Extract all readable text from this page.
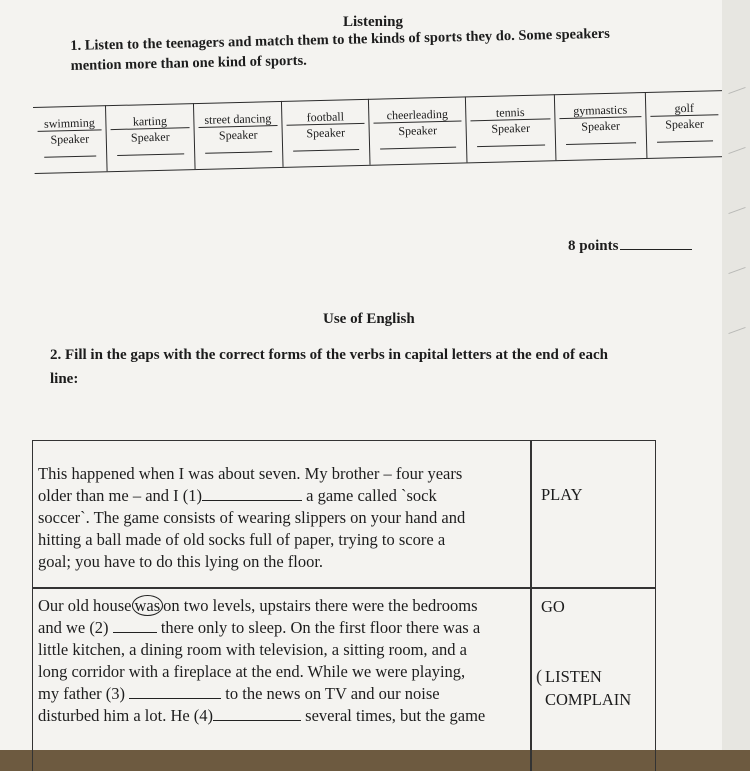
Listening
1. Listen to the teenagers and match them to the kinds of sports they do. Some speakers
mention more than one kind of sports.
swimming
Speaker
karting
Speaker
street dancing
Speaker
football
Speaker
cheerleading
Speaker
tennis
Speaker
gymnastics
Speaker
golf
Speaker
8 points
Use of English
2. Fill in the gaps with the correct forms of the verbs in capital letters at the end of each
line:
This happened when I was about seven. My brother – four years
older than me – and I (1)	a game called `sock
soccer`. The game consists of wearing slippers on your hand and
hitting a ball made of old socks full of paper, trying to score a
goal; you have to do this lying on the floor.
PLAY
Our old house was on two levels, upstairs there were the bedrooms
and we (2)	there only to sleep. On the first floor there was a
little kitchen, a dining room with television, a sitting room, and a
long corridor with a fireplace at the end. While we were playing,
my father (3)	to the news on TV and our noise
disturbed him a lot. He (4)	several times, but the game
GO
( LISTEN
COMPLAIN
